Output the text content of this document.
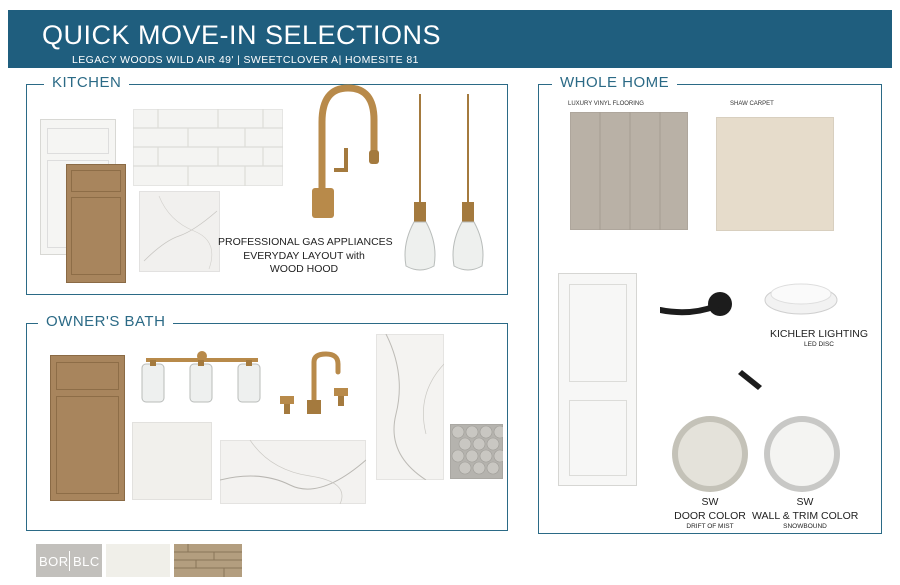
QUICK MOVE-IN SELECTIONS
LEGACY WOODS WILD AIR 49' | SWEETCLOVER A| HOMESITE 81
KITCHEN
PROFESSIONAL GAS APPLIANCES
EVERYDAY LAYOUT with
WOOD HOOD
OWNER'S BATH
BOR BLC
WHOLE HOME
LUXURY VINYL FLOORING	SHAW CARPET
KICHLER LIGHTING
LED DISC
SW
DOOR COLOR
DRIFT OF MIST
SW
WALL & TRIM COLOR
SNOWBOUND
